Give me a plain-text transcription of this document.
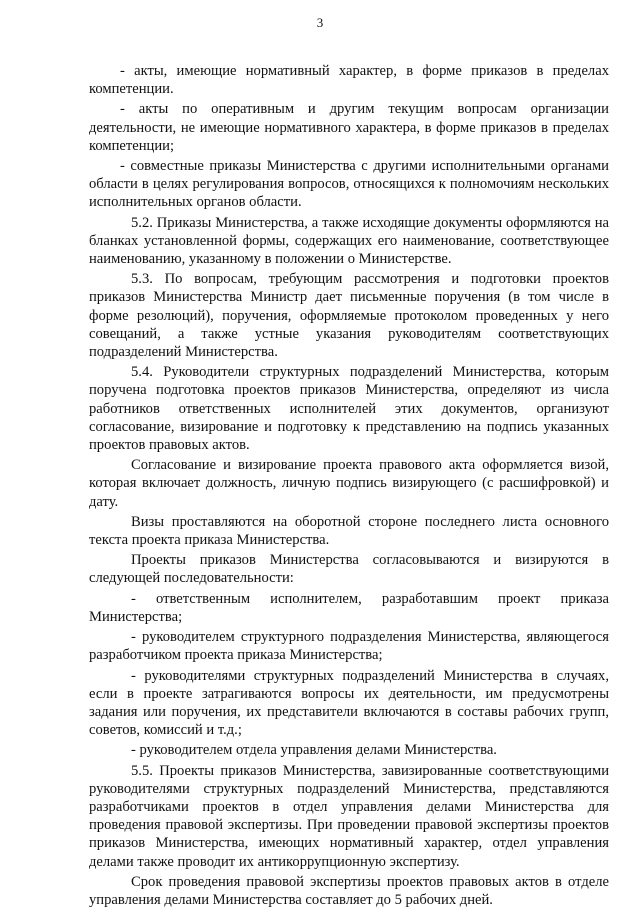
3

- акты, имеющие нормативный характер, в форме приказов в пределах компетенции.

- акты по оперативным и другим текущим вопросам организации деятельности, не имеющие нормативного характера, в форме приказов в пределах компетенции;

- совместные приказы Министерства с другими исполнительными органами области в целях регулирования вопросов, относящихся к полномочиям нескольких исполнительных органов области.

5.2. Приказы Министерства, а также исходящие документы оформляются на бланках установленной формы, содержащих его наименование, соответствующее наименованию, указанному в положении о Министерстве.

5.3. По вопросам, требующим рассмотрения и подготовки проектов приказов Министерства Министр дает письменные поручения (в том числе в форме резолюций), поручения, оформляемые протоколом проведенных у него совещаний, а также устные указания руководителям соответствующих подразделений Министерства.

5.4. Руководители структурных подразделений Министерства, которым поручена подготовка проектов приказов Министерства, определяют из числа работников ответственных исполнителей этих документов, организуют согласование, визирование и подготовку к представлению на подпись указанных проектов правовых актов.

Согласование и визирование проекта правового акта оформляется визой, которая включает должность, личную подпись визирующего (с расшифровкой) и дату.

Визы проставляются на оборотной стороне последнего листа основного текста проекта приказа Министерства.

Проекты приказов Министерства согласовываются и визируются в следующей последовательности:

- ответственным исполнителем, разработавшим проект приказа Министерства;

- руководителем структурного подразделения Министерства, являющегося разработчиком проекта приказа Министерства;

- руководителями структурных подразделений Министерства в случаях, если в проекте затрагиваются вопросы их деятельности, им предусмотрены задания или поручения, их представители включаются в составы рабочих групп, советов, комиссий и т.д.;

- руководителем отдела управления делами Министерства.

5.5. Проекты приказов Министерства, завизированные соответствующими руководителями структурных подразделений Министерства, представляются разработчиками проектов в отдел управления делами Министерства для проведения правовой экспертизы. При проведении правовой экспертизы проектов приказов Министерства, имеющих нормативный характер, отдел управления делами также проводит их антикоррупционную экспертизу.

Срок проведения правовой экспертизы проектов правовых актов в отделе управления делами Министерства составляет до 5 рабочих дней.
